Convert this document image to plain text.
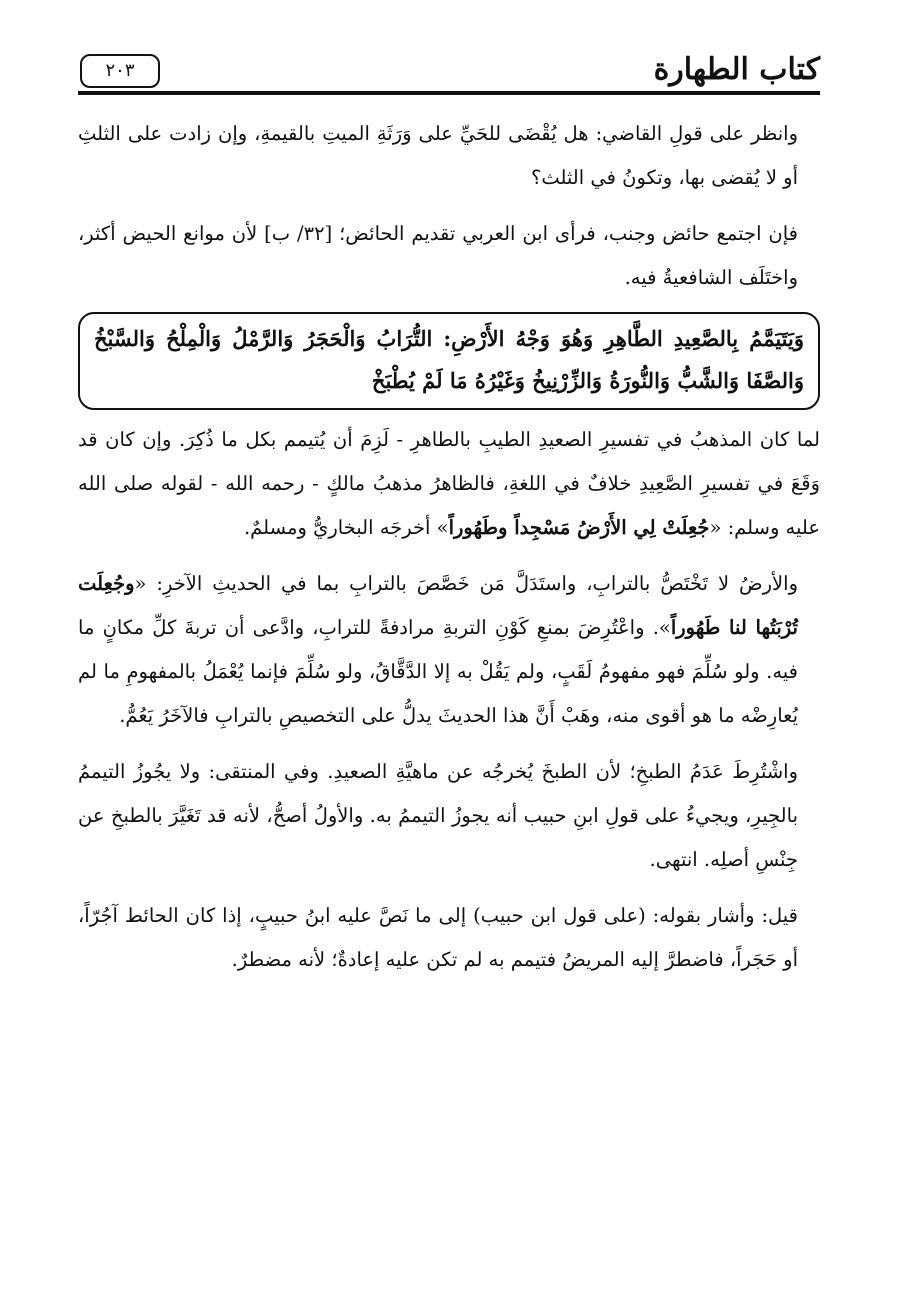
كتاب الطهارة
٢٠٣

وانظر على قولِ القاضي: هل يُقْضَى للحَيِّ على وَرَثَةِ الميتِ بالقيمةِ، وإن زادت على الثلثِ أو لا يُقضى بها، وتكونُ في الثلث؟

فإن اجتمع حائض وجنب، فرأى ابن العربي تقديم الحائض؛ [٣٢/ ب] لأن موانع الحيض أكثر، واختَلَف الشافعيةُ فيه.

وَيَتَيَمَّمُ بِالصَّعِيدِ الطَّاهِرِ وَهُوَ وَجْهُ الأَرْضِ: التُّرَابُ وَالْحَجَرُ وَالرَّمْلُ وَالْمِلْحُ وَالسَّبْخُ وَالصَّفَا وَالشَّبُّ وَالنُّورَةُ وَالزِّرْنِيخُ وَغَيْرُهُ مَا لَمْ يُطْبَخْ

لما كان المذهبُ في تفسيرِ الصعيدِ الطيبِ بالطاهرِ - لَزِمَ أن يُتيمم بكل ما ذُكِرَ. وإن كان قد وَقَعَ في تفسيرِ الصَّعِيدِ خلافٌ في اللغةِ، فالظاهرُ مذهبُ مالكٍ - رحمه الله - لقوله صلى الله عليه وسلم: «جُعِلَتْ لِي الأَرْضُ مَسْجِداً وطَهُوراً» أخرجَه البخاريُّ ومسلمٌ.

والأرضُ لا تَخْتَصُّ بالترابِ، واستَدَلَّ مَن خَصَّصَ بالترابِ بما في الحديثِ الآخرِ: «وجُعِلَت تُرْبَتُها لنا طَهُوراً». واعْتُرِضَ بمنعِ كَوْنِ التربةِ مرادفةً للترابِ، وادَّعى أن تربةَ كلِّ مكانٍ ما فيه. ولو سُلِّمَ فهو مفهومُ لَقَبٍ، ولم يَقُلْ به إلا الدَّقَّاقُ، ولو سُلِّمَ فإنما يُعْمَلُ بالمفهومِ ما لم يُعارِضْه ما هو أقوى منه، وهَبْ أَنَّ هذا الحديثَ يدلُّ على التخصيصِ بالترابِ فالآخَرُ يَعُمُّ.

واشْتُرِطَ عَدَمُ الطبخِ؛ لأن الطبخَ يُخرجُه عن ماهيَّةِ الصعيدِ. وفي المنتقى: ولا يجُوزُ التيممُ بالجِيرِ، ويجيءُ على قولِ ابنِ حبيب أنه يجوزُ التيممُ به. والأولُ أصحُّ، لأنه قد تَغَيَّرَ بالطبخِ عن جِنْسِ أصلِه. انتهى.

قيل: وأشار بقوله: (على قول ابن حبيب) إلى ما نَصَّ عليه ابنُ حبيبٍ، إذا كان الحائط آجُرّاً، أو حَجَراً، فاضطرَّ إليه المريضُ فتيمم به لم تكن عليه إعادةٌ؛ لأنه مضطرٌ.
